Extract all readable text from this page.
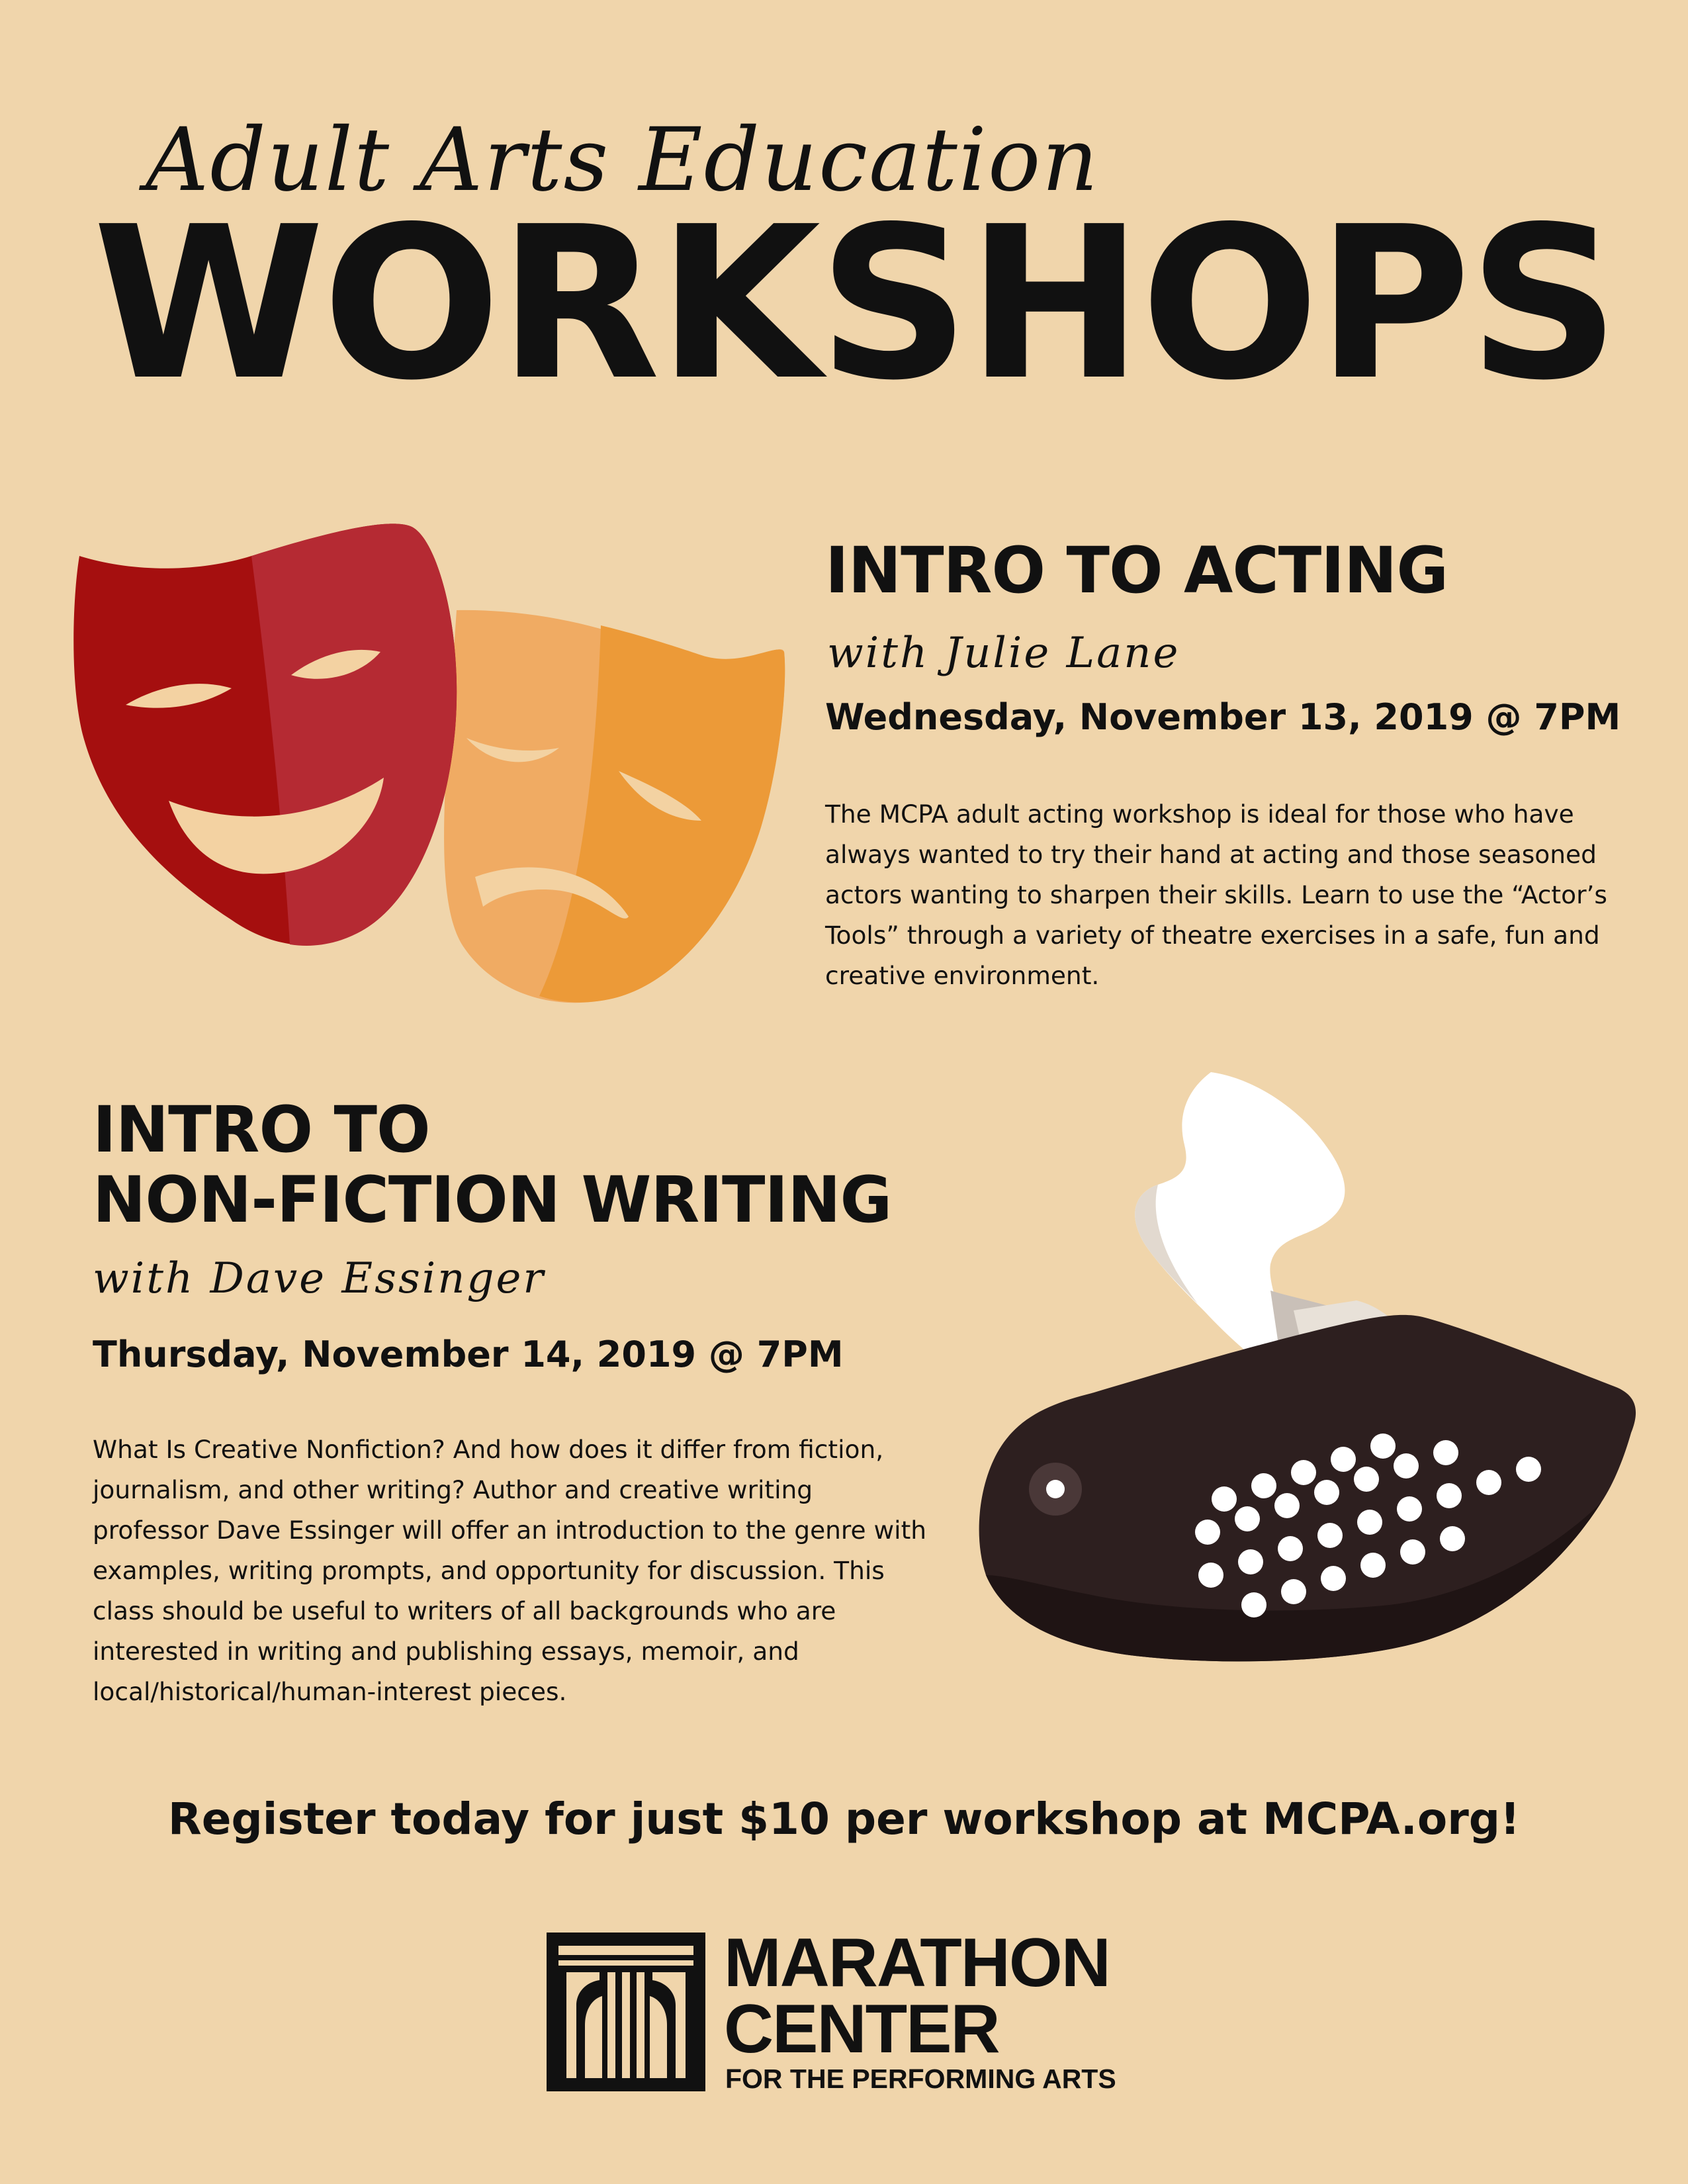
Adult Arts Education
WORKSHOPS
INTRO TO ACTING
with Julie Lane
Wednesday, November 13, 2019 @ 7PM
The MCPA adult acting workshop is ideal for those who have always wanted to try their hand at acting and those seasoned actors wanting to sharpen their skills. Learn to use the “Actor’s Tools” through a variety of theatre exercises in a safe, fun and creative environment.
INTRO TO
NON-FICTION WRITING
with Dave Essinger
Thursday, November 14, 2019 @ 7PM
What Is Creative Nonfiction? And how does it differ from fiction, journalism, and other writing? Author and creative writing professor Dave Essinger will offer an introduction to the genre with examples, writing prompts, and opportunity for discussion. This class should be useful to writers of all backgrounds who are interested in writing and publishing essays, memoir, and local/historical/human-interest pieces.
Register today for just $10 per workshop at MCPA.org!
MARATHON
CENTER
FOR THE PERFORMING ARTS
